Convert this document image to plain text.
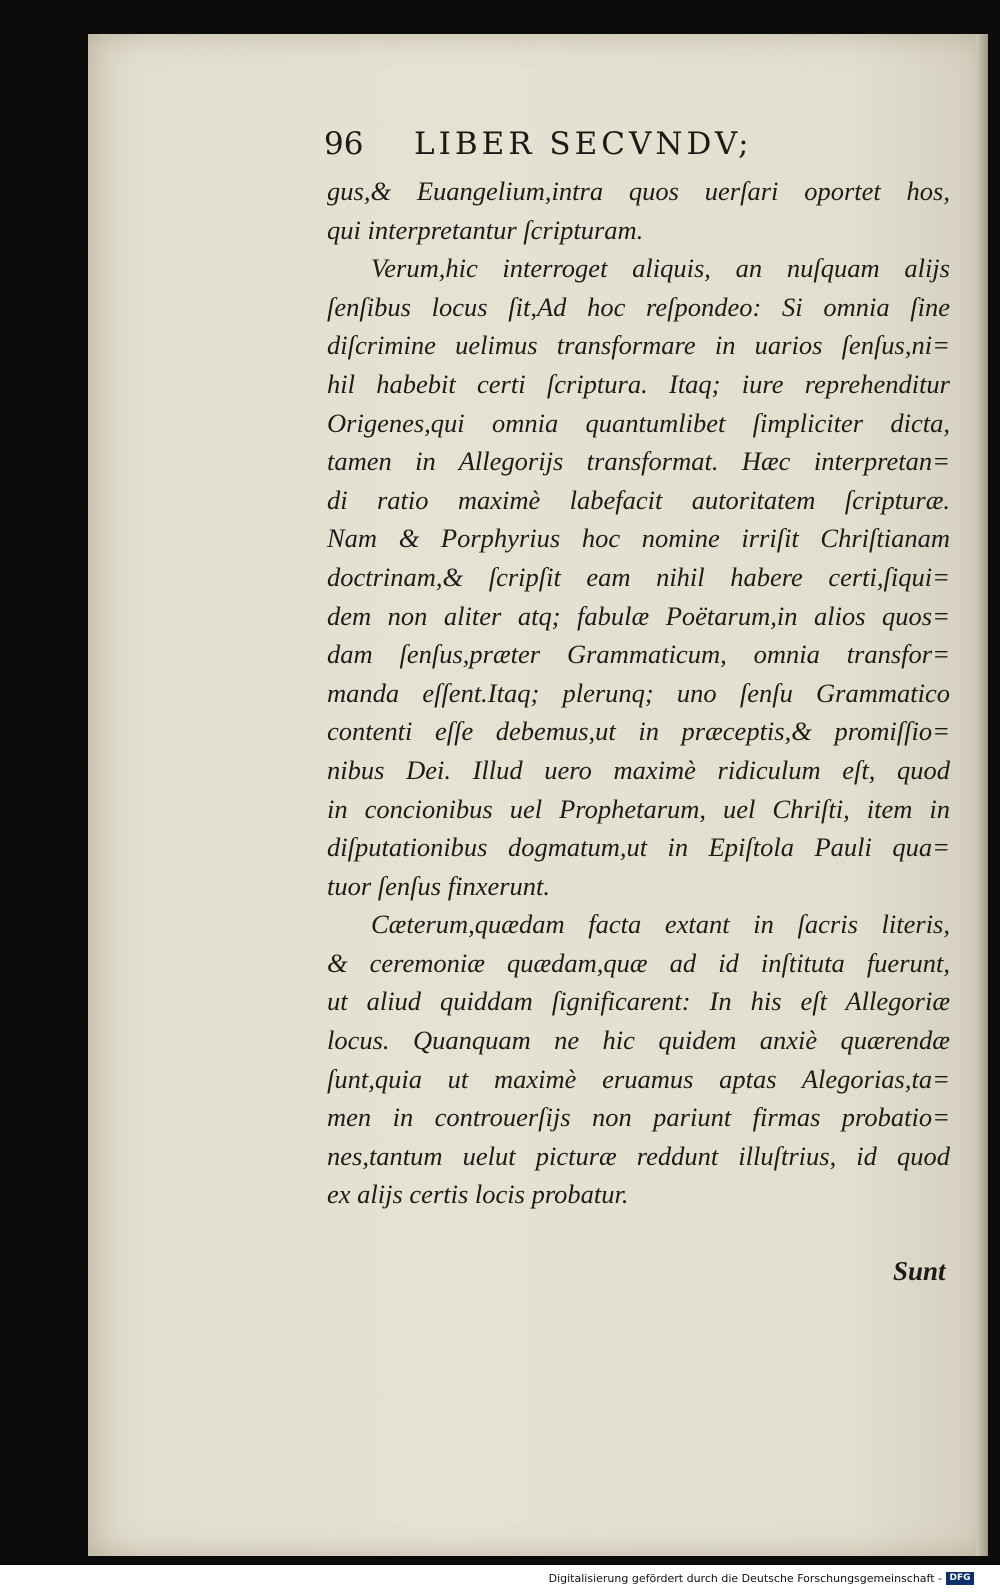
96 LIBER SECVNDV;
gus,& Euangelium,intra quos uerſari oportet hos,
qui interpretantur ſcripturam.
Verum,hic interroget aliquis, an nuſquam alijs
ſenſibus locus ſit,Ad hoc reſpondeo: Si omnia ſine
diſcrimine uelimus transformare in uarios ſenſus,ni=
hil habebit certi ſcriptura. Itaq; iure reprehenditur
Origenes,qui omnia quantumlibet ſimpliciter dicta,
tamen in Allegorijs transformat. Hæc interpretan=
di ratio maximè labefacit autoritatem ſcripturæ.
Nam & Porphyrius hoc nomine irriſit Chriſtianam
doctrinam,& ſcripſit eam nihil habere certi,ſiqui=
dem non aliter atq; fabulæ Poëtarum,in alios quos=
dam ſenſus,præter Grammaticum, omnia transfor=
manda eſſent.Itaq; plerunq; uno ſenſu Grammatico
contenti eſſe debemus,ut in præceptis,& promiſſio=
nibus Dei. Illud uero maximè ridiculum eſt, quod
in concionibus uel Prophetarum, uel Chriſti, item in
diſputationibus dogmatum,ut in Epiſtola Pauli qua=
tuor ſenſus finxerunt.
Cæterum,quædam facta extant in ſacris literis,
& ceremoniæ quædam,quæ ad id inſtituta fuerunt,
ut aliud quiddam ſignificarent: In his eſt Allegoriæ
locus. Quanquam ne hic quidem anxiè quærendæ
ſunt,quia ut maximè eruamus aptas Alegorias,ta=
men in controuerſijs non pariunt firmas probatio=
nes,tantum uelut picturæ reddunt illuſtrius, id quod
ex alijs certis locis probatur.
Sunt
Digitalisierung gefördert durch die Deutsche Forschungsgemeinschaft - DFG
